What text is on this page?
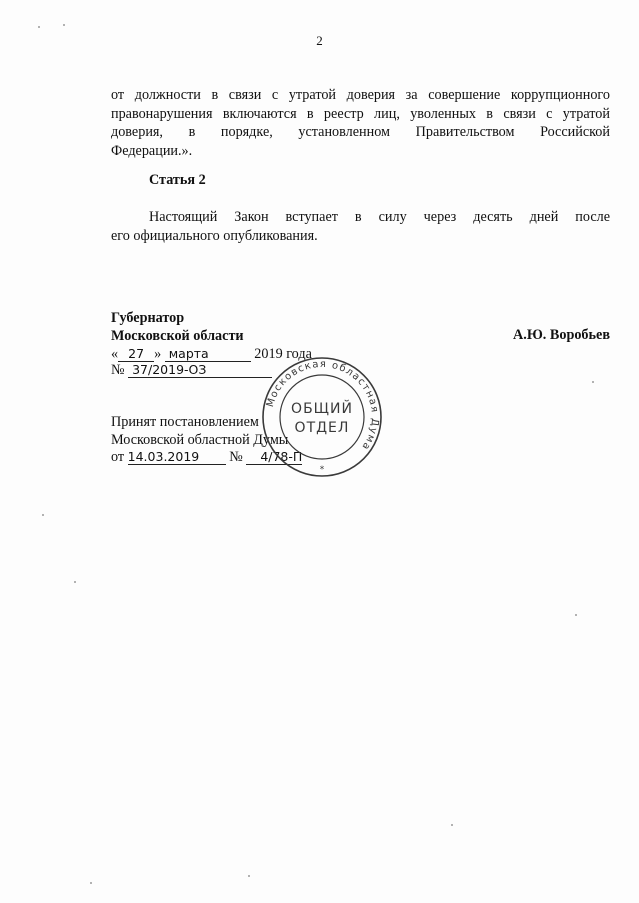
2
от должности в связи с утратой доверия за совершение коррупционного
правонарушения включаются в реестр лиц, уволенных в связи с утратой
доверия, в порядке, установленном Правительством Российской
Федерации.».
Статья 2
Настоящий Закон вступает в силу через десять дней после
его официального опубликования.
Губернатор
Московской области	А.Ю. Воробьев
« 27 » марта	2019 года
№ 37/2019-ОЗ
Принят постановлением
Московской областной Думы
от 14.03.2019 № 4/78-П
Московская областная Дума
ОБЩИЙ
ОТДЕЛ
*
